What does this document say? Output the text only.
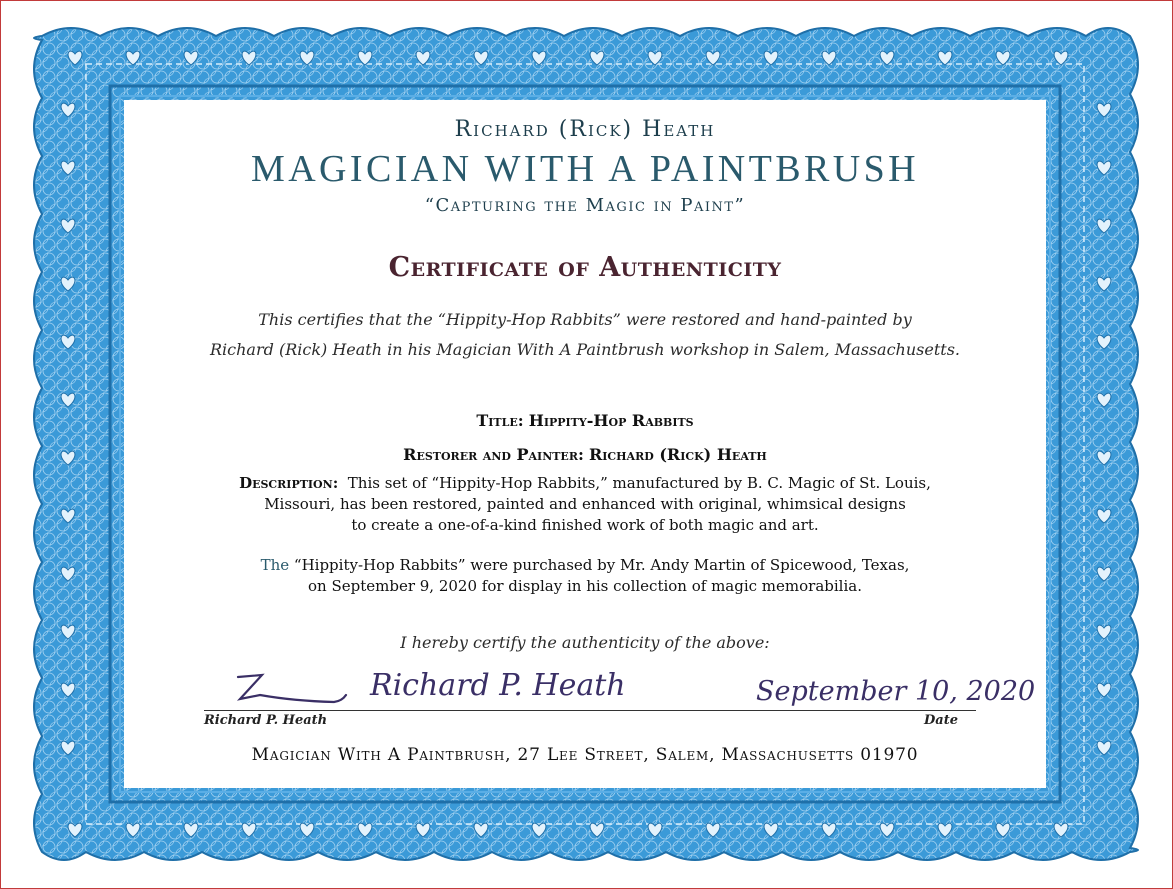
Richard (Rick) Heath

MAGICIAN WITH A PAINTBRUSH

“Capturing the Magic in Paint”

Certificate of Authenticity

This certifies that the “Hippity-Hop Rabbits” were restored and hand-painted by

Richard (Rick) Heath in his Magician With A Paintbrush workshop in Salem, Massachusetts.

Title: Hippity-Hop Rabbits

Restorer and Painter: Richard (Rick) Heath

Description: This set of “Hippity-Hop Rabbits,” manufactured by B. C. Magic of St. Louis,
Missouri, has been restored, painted and enhanced with original, whimsical designs
to create a one-of-a-kind finished work of both magic and art.
The “Hippity-Hop Rabbits” were purchased by Mr. Andy Martin of Spicewood, Texas,
on September 9, 2020 for display in his collection of magic memorabilia.

I hereby certify the authenticity of the above:

Richard P. Heath	September 10, 2020
Richard P. Heath	Date

Magician With A Paintbrush, 27 Lee Street, Salem, Massachusetts 01970
